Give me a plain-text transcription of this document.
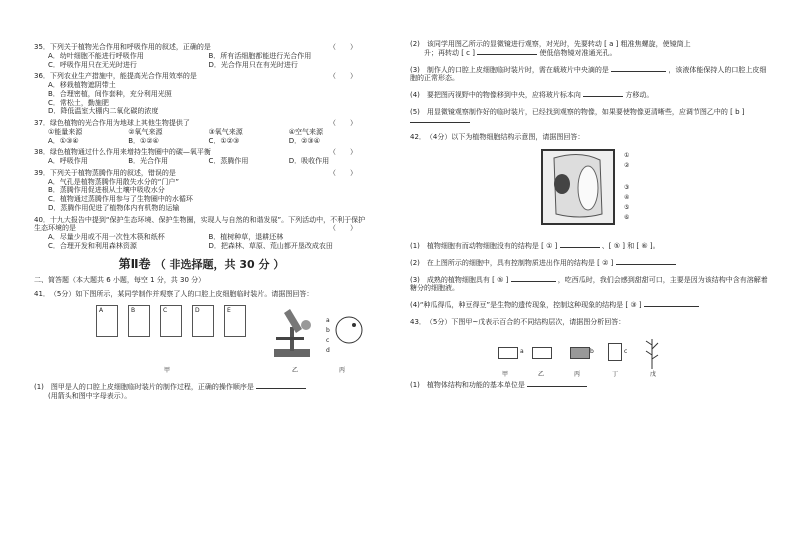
35．下列关于植物光合作用和呼吸作用的叙述，正确的是	（　　）
A．幼叶细胞不能进行呼吸作用	B．所有活细胞都能进行光合作用
C．呼吸作用只在无光时进行	D．光合作用只在有光时进行
36．下列农业生产措施中，能提高光合作用效率的是	（　　）
A．移栽植物遮阴带土
B．合理密植，间作套种，充分利用光照
C．常松土，勤施肥
D．降低温室大棚内二氧化碳的浓度
37．绿色植物的光合作用为地球上其他生物提供了	（　　）
①能量来源	②氧气来源	③氧气来源	④空气来源
A．①③④	B．①②④	C．①②③	D．②③④
38．绿色植物通过什么作用来增持生物圈中的碳—氧平衡	（　　）
A．呼吸作用	B．光合作用	C．蒸腾作用	D．吸收作用
39．下列关于植物蒸腾作用的叙述，错误的是	（　　）
A．气孔是植物蒸腾作用散失水分的“门户”
B．蒸腾作用促进根从土壤中吸收水分
C．植物通过蒸腾作用参与了生物圈中的水循环
D．蒸腾作用促进了植物体内有机物的运输
40．十九大报告中提到“保护生态环境、保护生物圈，实现人与自然的和谐发展”。下列活动中，不利于保护生态环境的是	（　　）
A．尽量少用或不用一次性木筷和纸杯	B．植树种草，退耕还林
C．合理开发和利用森林资源	D．把森林、草原、荒山都开垦改成农田
第Ⅱ卷 （ 非选择题，共 30 分 ）
二、简答题（本大题共 6 小题，每空 1 分，共 30 分）
41．　（5分）如下图所示，某同学制作并观察了人的口腔上皮细胞临时装片。请据图回答：
A	B	C	D	E
a
b
c
d
甲	乙	丙
(1)　图甲是人的口腔上皮细胞临时装片的制作过程，正确的操作顺序是
(用箭头和图中字母表示）。
(2)　该同学用图乙所示的显微镜进行观察，对光时，先要转动 [ a ] 粗准焦螺旋，使镜筒上
升；再转动 [ c ]	使低倍物镜对准通光孔。
(3)　制作人的口腔上皮细胞临时装片时，需在载玻片中央滴的是	，该液体能保持人的口腔上皮细胞的正常形态。
(4)　要把图丙视野中的物像移到中央，应将玻片标本向	方移动。
(5)　用显微镜观察制作好的临时装片，已经找到观察的物像，如果要使物像更清晰些，应调节图乙中的 [ b ]
42．　（4分）以下为植物细胞结构示意图，请据图回答：
①
②
③
④
⑤
⑥
(1)　植物细胞有而动物细胞没有的结构是 [ ① ]	、[ ⑤ ] 和 [ ⑥ ]。
(2)　在上图所示的细胞中，具有控制物质进出作用的结构是 [ ② ]
(3)　成熟的植物细胞具有 [ ⑤ ]	，吃西瓜时，我们会感到甜甜可口，主要是因为该结构中含有溶解着糖分的细胞液。
(4)“种瓜得瓜，种豆得豆”是生物的遗传现象，控制这种现象的结构是 [ ③ ]
43．　（5分）下图甲~戊表示百合的不同结构层次，请据图分析回答：
a	b	c
甲	乙	丙	丁	戊
(1)　植物体结构和功能的基本单位是
